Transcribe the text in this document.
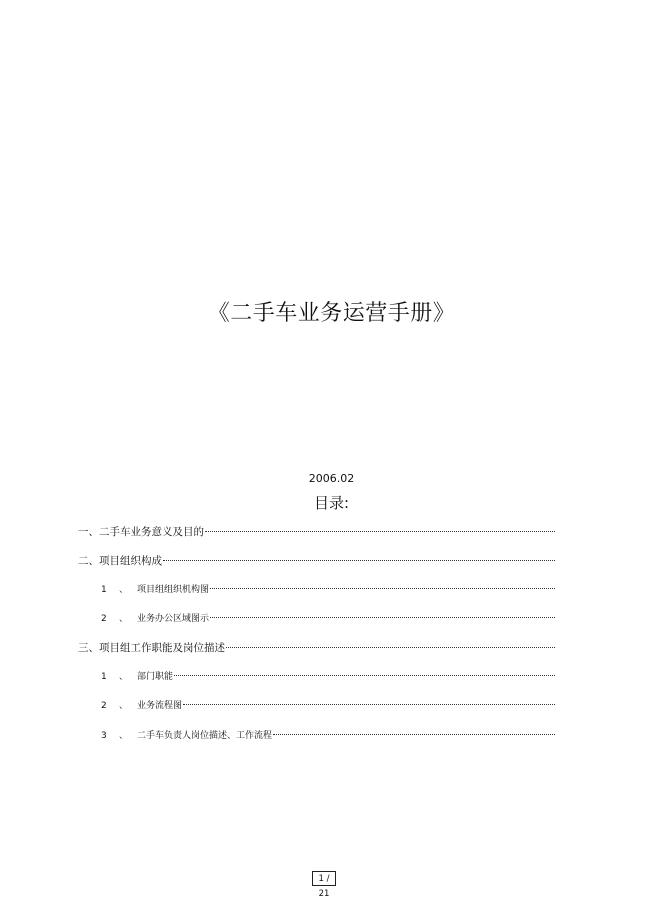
《二手车业务运营手册》
2006.02
目录:
一 、 二手车业务意义及目的
二 、 项目组织构成
1	、 项目组组织机构图
2	、 业务办公区域图示
三 、 项目组工作职能及岗位描述
1	、 部门职能
2	、 业务流程图
3	、 二手车负责人岗位描述、工作流程
1 / 21
